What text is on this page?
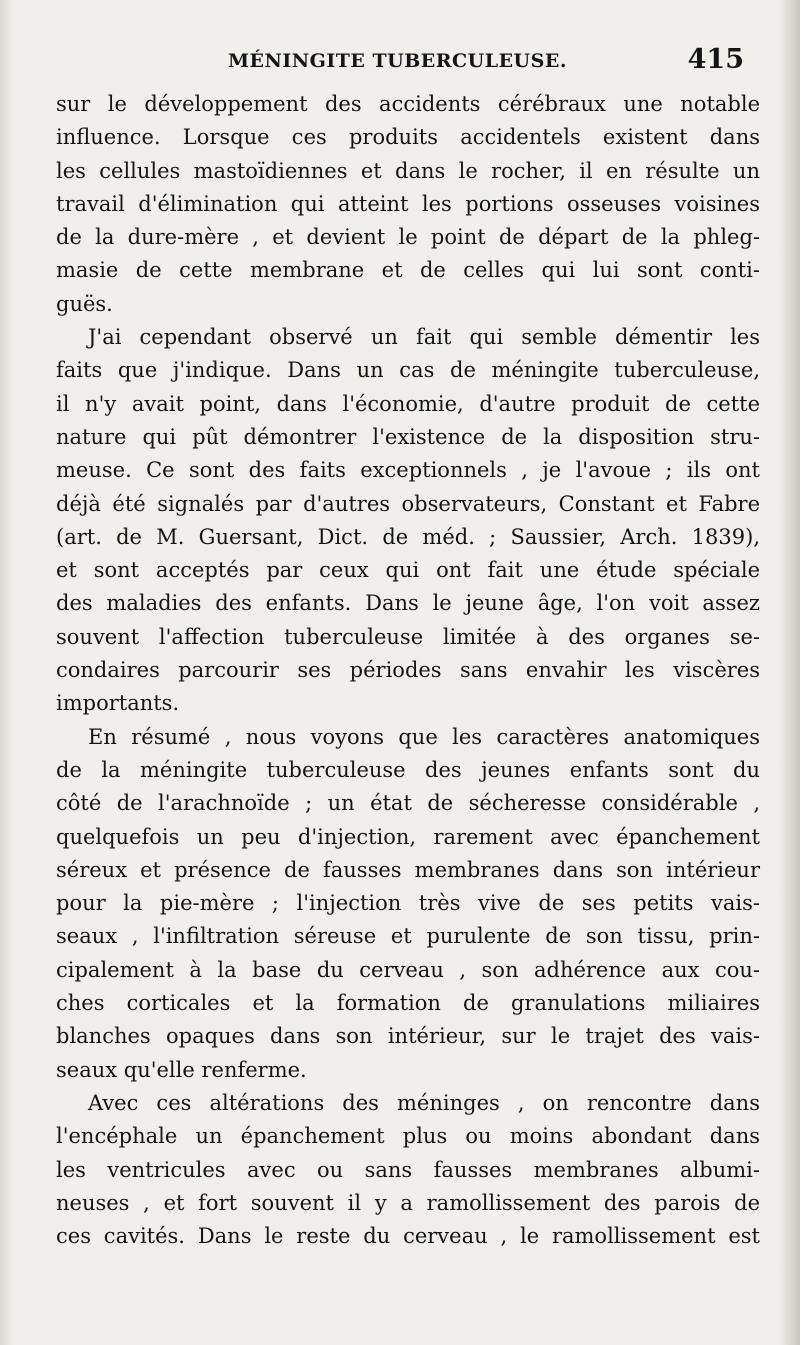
MÉNINGITE TUBERCULEUSE.	415
sur le développement des accidents cérébraux une notable
influence. Lorsque ces produits accidentels existent dans
les cellules mastoïdiennes et dans le rocher, il en résulte un
travail d'élimination qui atteint les portions osseuses voisines
de la dure-mère , et devient le point de départ de la phleg-
masie de cette membrane et de celles qui lui sont conti-
guës.
J'ai cependant observé un fait qui semble démentir les
faits que j'indique. Dans un cas de méningite tuberculeuse,
il n'y avait point, dans l'économie, d'autre produit de cette
nature qui pût démontrer l'existence de la disposition stru-
meuse. Ce sont des faits exceptionnels , je l'avoue ; ils ont
déjà été signalés par d'autres observateurs, Constant et Fabre
(art. de M. Guersant, Dict. de méd. ; Saussier, Arch. 1839),
et sont acceptés par ceux qui ont fait une étude spéciale
des maladies des enfants. Dans le jeune âge, l'on voit assez
souvent l'affection tuberculeuse limitée à des organes se-
condaires parcourir ses périodes sans envahir les viscères
importants.
En résumé , nous voyons que les caractères anatomiques
de la méningite tuberculeuse des jeunes enfants sont du
côté de l'arachnoïde ; un état de sécheresse considérable ,
quelquefois un peu d'injection, rarement avec épanchement
séreux et présence de fausses membranes dans son intérieur
pour la pie-mère ; l'injection très vive de ses petits vais-
seaux , l'infiltration séreuse et purulente de son tissu, prin-
cipalement à la base du cerveau , son adhérence aux cou-
ches corticales et la formation de granulations miliaires
blanches opaques dans son intérieur, sur le trajet des vais-
seaux qu'elle renferme.
Avec ces altérations des méninges , on rencontre dans
l'encéphale un épanchement plus ou moins abondant dans
les ventricules avec ou sans fausses membranes albumi-
neuses , et fort souvent il y a ramollissement des parois de
ces cavités. Dans le reste du cerveau , le ramollissement est
